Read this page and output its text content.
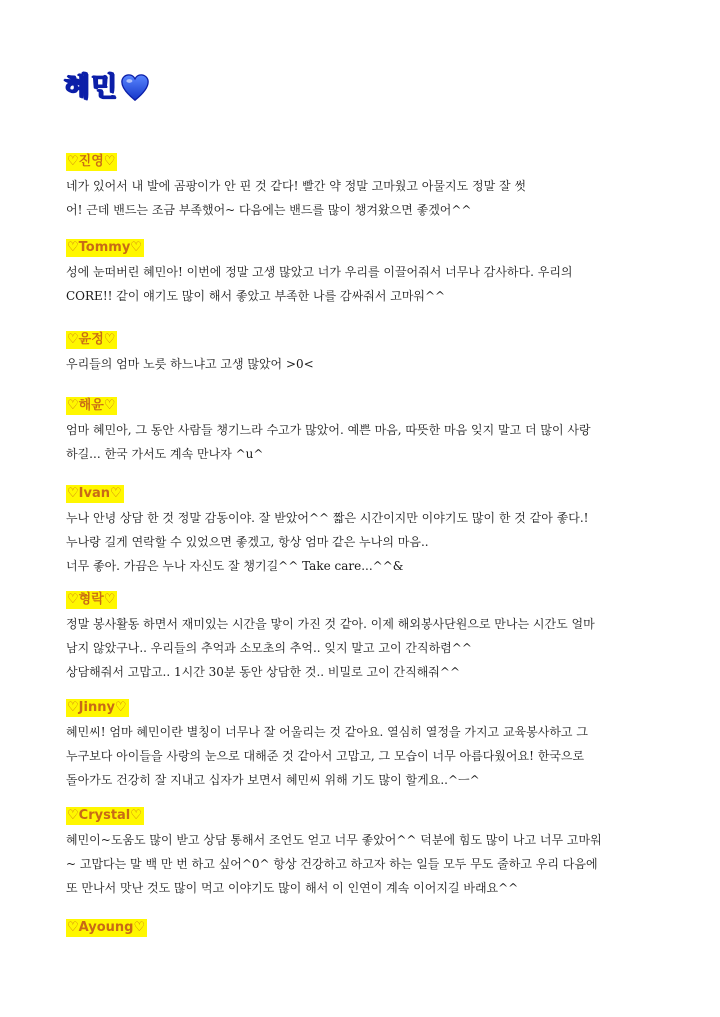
혜민
♡진영♡
네가 있어서 내 발에 곰팡이가 안 핀 것 같다! 빨간 약 정말 고마웠고 아물지도 정말 잘 썻
어! 근데 밴드는 조금 부족했어~ 다음에는 밴드를 많이 챙겨왔으면 좋겠어^^
♡Tommy♡
성에 눈떠버린 혜민아! 이번에 정말 고생 많았고 너가 우리를 이끌어줘서 너무나 감사하다. 우리의
CORE!! 같이 얘기도 많이 해서 좋았고 부족한 나를 감싸줘서 고마워^^
♡윤정♡
우리들의 엄마 노릇 하느냐고 고생 많았어 >0<
♡해윤♡
엄마 혜민아, 그 동안 사람들 챙기느라 수고가 많았어. 예쁜 마음, 따뜻한 마음 잊지 말고 더 많이 사랑
하길... 한국 가서도 계속 만나자 ^u^
♡Ivan♡
누나 안녕 상담 한 것 정말 감동이야. 잘 받았어^^ 짧은 시간이지만 이야기도 많이 한 것 같아 좋다.!
누나랑 길게 연락할 수 있었으면 좋겠고, 항상 엄마 같은 누나의 마음..
너무 좋아. 가끔은 누나 자신도 잘 챙기길^^ Take care...^^&
♡형락♡
정말 봉사활동 하면서 재미있는 시간을 맣이 가진 것 같아. 이제 해외봉사단원으로 만나는 시간도 얼마
남지 않았구나.. 우리들의 추억과 소모초의 추억.. 잊지 말고 고이 간직하렴^^
상담해줘서 고맙고.. 1시간 30분 동안 상담한 것.. 비밀로 고이 간직해줘^^
♡Jinny♡
혜민씨! 엄마 혜민이란 별칭이 너무나 잘 어울리는 것 같아요. 열심히 열정을 가지고 교육봉사하고 그
누구보다 아이들을 사랑의 눈으로 대해준 것 같아서 고맙고, 그 모습이 너무 아름다웠어요! 한국으로
돌아가도 건강히 잘 지내고 십자가 보면서 혜민씨 위해 기도 많이 할게요..^ㅡ^
♡Crystal♡
혜민이~도움도 많이 받고 상담 통해서 조언도 얻고 너무 좋았어^^ 덕분에 힘도 많이 나고 너무 고마워
~ 고맙다는 말 백 만 번 하고 싶어^0^ 항상 건강하고 하고자 하는 일들 모두 무도 줄하고 우리 다음에
또 만나서 맛난 것도 많이 먹고 이야기도 많이 해서 이 인연이 계속 이어지길 바래요^^
♡Ayoung♡
